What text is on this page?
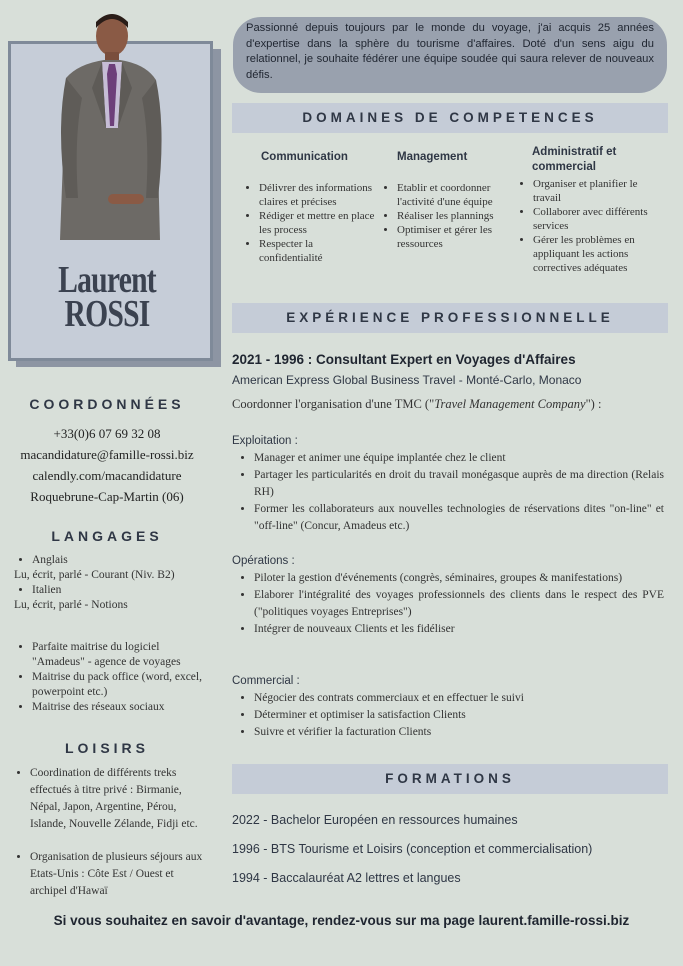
Laurent
ROSSI
COORDONNÉES
+33(0)6 07 69 32 08
macandidature@famille-rossi.biz
calendly.com/macandidature
Roquebrune-Cap-Martin (06)
LANGAGES
• Anglais
Lu, écrit, parlé - Courant (Niv. B2)
• Italien
Lu, écrit, parlé - Notions
• Parfaite maitrise du logiciel "Amadeus" - agence de voyages
• Maitrise du pack office (word, excel, powerpoint etc.)
• Maitrise des réseaux sociaux
LOISIRS
• Coordination de différents treks effectués à titre privé : Birmanie, Népal, Japon, Argentine, Pérou, Islande, Nouvelle Zélande, Fidji etc.
• Organisation de plusieurs séjours aux Etats-Unis : Côte Est / Ouest et archipel d'Hawaï
Passionné depuis toujours par le monde du voyage, j'ai acquis 25 années d'expertise dans la sphère du tourisme d'affaires. Doté d'un sens aigu du relationnel, je souhaite fédérer une équipe soudée qui saura relever de nouveaux défis.
DOMAINES DE COMPETENCES
Communication
• Délivrer des informations claires et précises
• Rédiger et mettre en place les process
• Respecter la confidentialité
Management
• Etablir et coordonner l'activité d'une équipe
• Réaliser les plannings
• Optimiser et gérer les ressources
Administratif et commercial
• Organiser et planifier le travail
• Collaborer avec différents services
• Gérer les problèmes en appliquant les actions correctives adéquates
EXPÉRIENCE PROFESSIONNELLE
2021 - 1996 : Consultant Expert en Voyages d'Affaires
American Express Global Business Travel - Monté-Carlo, Monaco
Coordonner l'organisation d'une TMC ("Travel Management Company") :
Exploitation :
• Manager et animer une équipe implantée chez le client
• Partager les particularités en droit du travail monégasque auprès de ma direction (Relais RH)
• Former les collaborateurs aux nouvelles technologies de réservations dites "on-line" et "off-line" (Concur, Amadeus etc.)
Opérations :
• Piloter la gestion d'événements (congrès, séminaires, groupes & manifestations)
• Elaborer l'intégralité des voyages professionnels des clients dans le respect des PVE ("politiques voyages Entreprises")
• Intégrer de nouveaux Clients et les fidéliser
Commercial :
• Négocier des contrats commerciaux et en effectuer le suivi
• Déterminer et optimiser la satisfaction Clients
• Suivre et vérifier la facturation Clients
FORMATIONS
2022 - Bachelor Européen en ressources humaines
1996 - BTS Tourisme et Loisirs (conception et commercialisation)
1994 - Baccalauréat A2 lettres et langues
Si vous souhaitez en savoir d'avantage, rendez-vous sur ma page laurent.famille-rossi.biz
